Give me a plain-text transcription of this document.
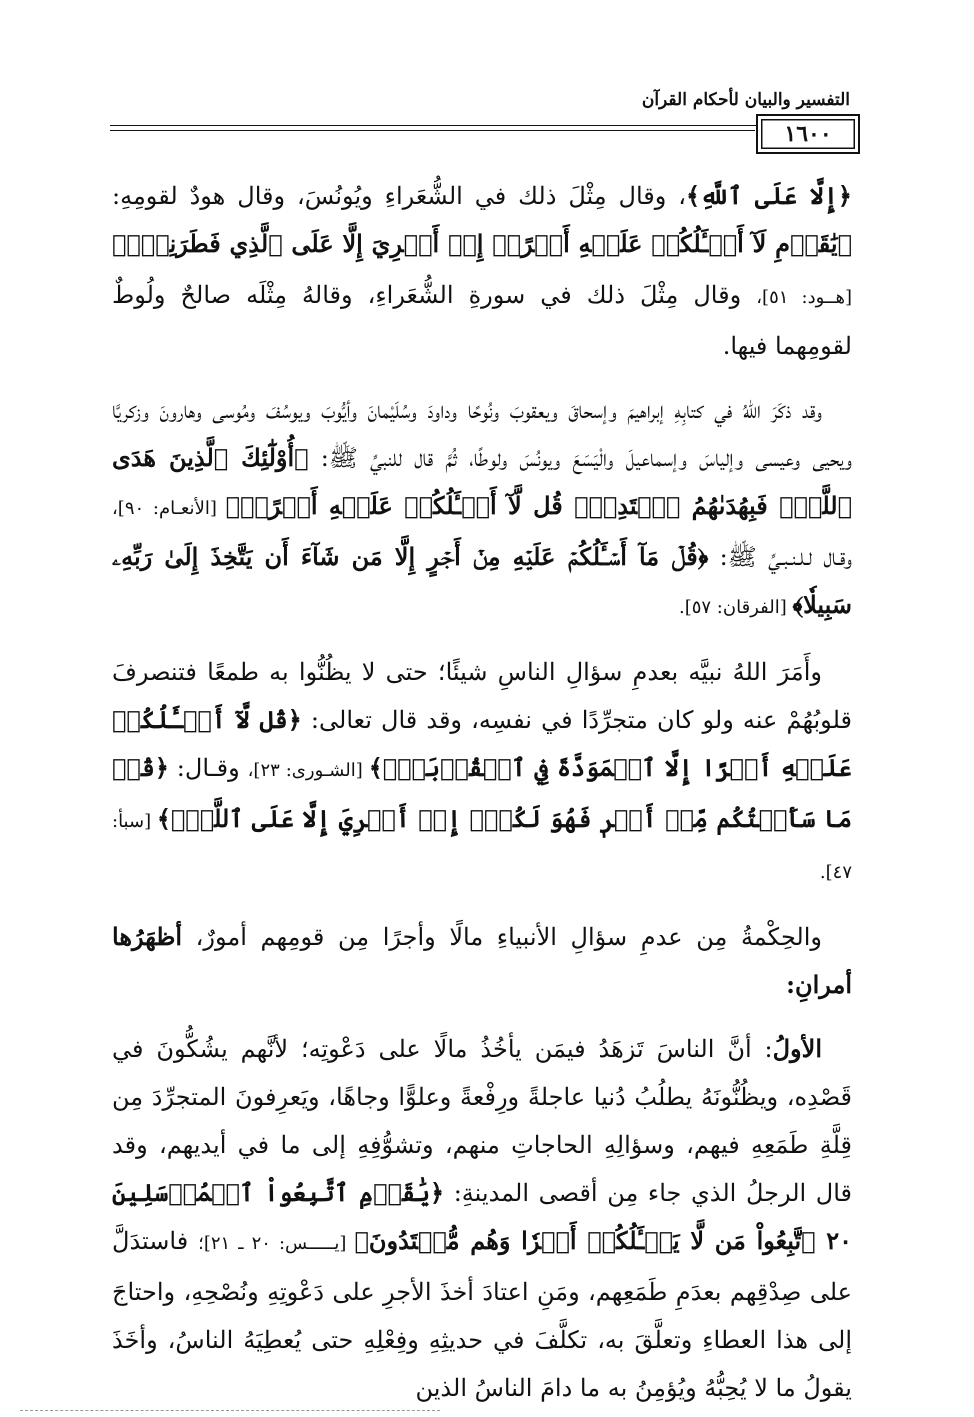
التفسير والبيان لأحكام القرآن
١٦٠٠

﴿إِلَّا عَلَى ٱللَّهِ﴾، وقال مِثْلَ ذلك في الشُّعَراءِ ويُونُسَ، وقال هودٌ لقومِهِ: ﴿يَٰقَوۡمِ لَآ أَسۡـَٔلُكُمۡ عَلَيۡهِ أَجۡرًاۖ إِنۡ أَجۡرِيَ إِلَّا عَلَى ٱلَّذِي فَطَرَنِيٓۚ﴾ [هــود: ٥١]، وقال مِثْلَ ذلك في سورةِ الشُّعَراءِ، وقالهُ مِثْلَه صالحٌ ولُوطٌ لقومِهما فيها.

وقد ذكَرَ اللهُ في كتابِهِ إبراهيمَ وإسحاقَ ويعقوبَ ونُوحًا وداودَ وسُلَيْمانَ وأيُّوبَ ويوسُفَ ومُوسى وهارونَ وزكريَّا ويحيى وعيسى وإلياسَ وإسماعيلَ والْيَسَعَ ويونُسَ ولوطًا، ثُمَّ قال للنبيِّ ﷺ: ﴿أُوْلَٰٓئِكَ ٱلَّذِينَ هَدَى ٱللَّهُۖ فَبِهُدَىٰهُمُ ٱقۡتَدِهۡۗ قُل لَّآ أَسۡـَٔلُكُمۡ عَلَيۡهِ أَجۡرًاۖ﴾ [الأنعـام: ٩٠]، وقـال لـلـنـبـيِّ ﷺ: ﴿قُلۡ مَآ أَسۡـَٔلُكُمۡ عَلَيۡهِ مِنۡ أَجۡرٍ إِلَّا مَن شَآءَ أَن يَتَّخِذَ إِلَىٰ رَبِّهِۦ سَبِيلٗا﴾ [الفرقان: ٥٧].

وأَمَرَ اللهُ نبيَّه بعدمِ سؤالِ الناسِ شيئًا؛ حتى لا يظُنُّوا به طمعًا فتنصرفَ قلوبُهُمْ عنه ولو كان متجرِّدًا في نفسِه، وقد قال تعالى: ﴿قُل لَّآ أَسۡـَٔلُكُمۡ عَلَيۡهِ أَجۡرًا إِلَّا ٱلۡمَوَدَّةَ فِي ٱلۡقُرۡبَىٰۗ﴾ [الشـورى: ٢٣]، وقـال: ﴿قُلۡ مَا سَأَلۡتُكُم مِّنۡ أَجۡرٖ فَهُوَ لَكُمۡۖ إِنۡ أَجۡرِيَ إِلَّا عَلَى ٱللَّهِۖ﴾ [سبأ: ٤٧].

والحِكْمةُ مِن عدمِ سؤالِ الأنبياءِ مالًا وأجرًا مِن قومِهم أمورٌ، أظهَرُها أمرانِ:

الأولُ: أنَّ الناسَ تَزهَدُ فيمَن يأخُذُ مالًا على دَعْوتِه؛ لأنَّهم يشُكُّونَ في قَصْدِه، ويظُنُّونَهُ يطلُبُ دُنيا عاجلةً ورِفْعةً وعلوًّا وجاهًا، ويَعرِفونَ المتجرِّدَ مِن قِلَّةِ طَمَعِهِ فيهم، وسؤالِهِ الحاجاتِ منهم، وتشوُّفِهِ إلى ما في أيديهم، وقد قال الرجلُ الذي جاء مِن أقصى المدينةِ: ﴿يَٰقَوۡمِ ٱتَّبِعُواْ ٱلۡمُرۡسَلِينَ ٢٠ ٱتَّبِعُواْ مَن لَّا يَسۡـَٔلُكُمۡ أَجۡرٗا وَهُم مُّهۡتَدُونَ﴾ [يـــــس: ٢٠ ـ ٢١]؛ فاستدَلَّ على صِدْقِهم بعدَمِ طَمَعِهم، ومَنِ اعتادَ أخذَ الأجرِ على دَعْوتِهِ ونُصْحِهِ، واحتاجَ إلى هذا العطاءِ وتعلَّقَ به، تكلَّفَ في حديثِهِ وفِعْلِهِ حتى يُعطِيَهُ الناسُ، وأخَذَ يقولُ ما لا يُحِبُّهُ ويُؤمِنُ به ما دامَ الناسُ الذين
